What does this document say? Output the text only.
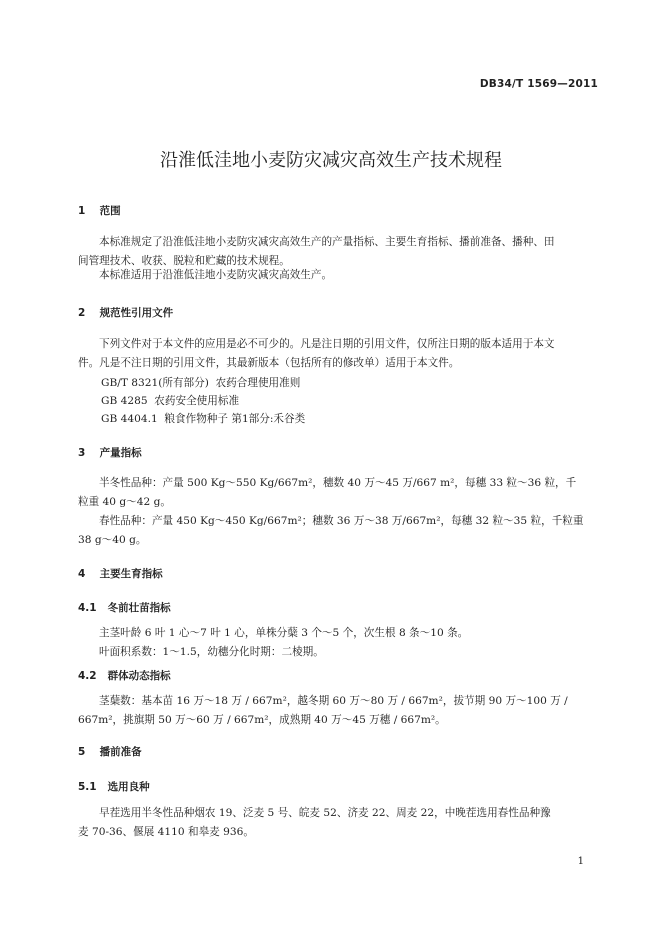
DB34/T 1569—2011
沿淮低洼地小麦防灾减灾高效生产技术规程
1 范围
本标准规定了沿淮低洼地小麦防灾减灾高效生产的产量指标、主要生育指标、播前准备、播种、田
间管理技术、收获、脱粒和贮藏的技术规程。
本标准适用于沿淮低洼地小麦防灾减灾高效生产。
2 规范性引用文件
下列文件对于本文件的应用是必不可少的。凡是注日期的引用文件，仅所注日期的版本适用于本文
件。凡是不注日期的引用文件，其最新版本（包括所有的修改单）适用于本文件。
GB/T 8321(所有部分)  农药合理使用准则
GB 4285  农药安全使用标准
GB 4404.1  粮食作物种子 第1部分:禾谷类
3 产量指标
半冬性品种：产量 500 Kg～550 Kg/667m²，穗数 40 万～45 万/667 m²，每穗 33 粒～36 粒，千
粒重 40 g～42 g。
春性品种：产量 450 Kg～450 Kg/667m²；穗数 36 万～38 万/667m²，每穗 32 粒～35 粒，千粒重
38 g～40 g。
4 主要生育指标
4.1 冬前壮苗指标
主茎叶龄 6 叶 1 心～7 叶 1 心，单株分蘖 3 个～5 个，次生根 8 条～10 条。
叶面积系数：1～1.5，幼穗分化时期：二棱期。
4.2 群体动态指标
茎蘖数：基本苗 16 万～18 万 / 667m²，越冬期 60 万～80 万 / 667m²，拔节期 90 万～100 万 /
667m²，挑旗期 50 万～60 万 / 667m²，成熟期 40 万～45 万穗 / 667m²。
5 播前准备
5.1 选用良种
早茬选用半冬性品种烟农 19、泛麦 5 号、皖麦 52、济麦 22、周麦 22，中晚茬选用春性品种豫
麦 70-36、偃展 4110 和皋麦 936。
1
